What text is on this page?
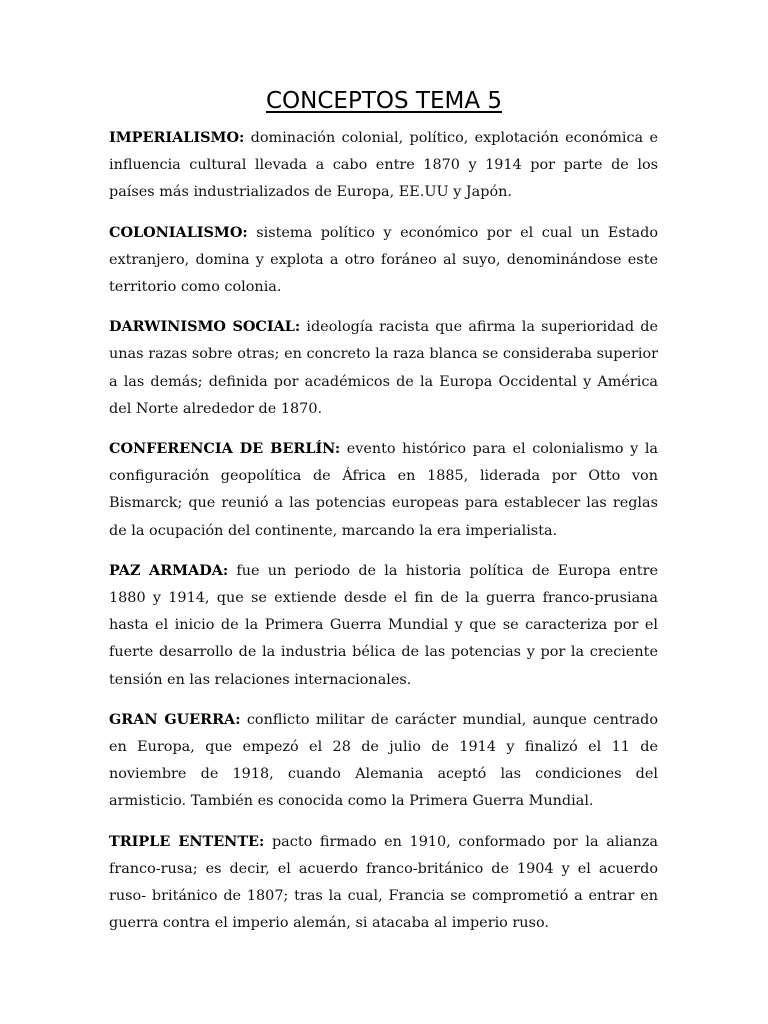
CONCEPTOS TEMA 5

IMPERIALISMO: dominación colonial, político, explotación económica e influencia cultural llevada a cabo entre 1870 y 1914 por parte de los países más industrializados de Europa, EE.UU y Japón.

COLONIALISMO: sistema político y económico por el cual un Estado extranjero, domina y explota a otro foráneo al suyo, denominándose este territorio como colonia.

DARWINISMO SOCIAL: ideología racista que afirma la superioridad de unas razas sobre otras; en concreto la raza blanca se consideraba superior a las demás; definida por académicos de la Europa Occidental y América del Norte alrededor de 1870.

CONFERENCIA DE BERLÍN: evento histórico para el colonialismo y la configuración geopolítica de África en 1885, liderada por Otto von Bismarck; que reunió a las potencias europeas para establecer las reglas de la ocupación del continente, marcando la era imperialista.

PAZ ARMADA: fue un periodo de la historia política de Europa entre 1880 y 1914, que se extiende desde el fin de la guerra franco-prusiana hasta el inicio de la Primera Guerra Mundial y que se caracteriza por el fuerte desarrollo de la industria bélica de las potencias y por la creciente tensión en las relaciones internacionales.

GRAN GUERRA: conflicto militar de carácter mundial, aunque centrado en Europa, que empezó el 28 de julio de 1914 y finalizó el 11 de noviembre de 1918, cuando Alemania aceptó las condiciones del armisticio. También es conocida como la Primera Guerra Mundial.

TRIPLE ENTENTE: pacto firmado en 1910, conformado por la alianza franco-rusa; es decir, el acuerdo franco-británico de 1904 y el acuerdo ruso- británico de 1807; tras la cual, Francia se comprometió a entrar en guerra contra el imperio alemán, si atacaba al imperio ruso.
